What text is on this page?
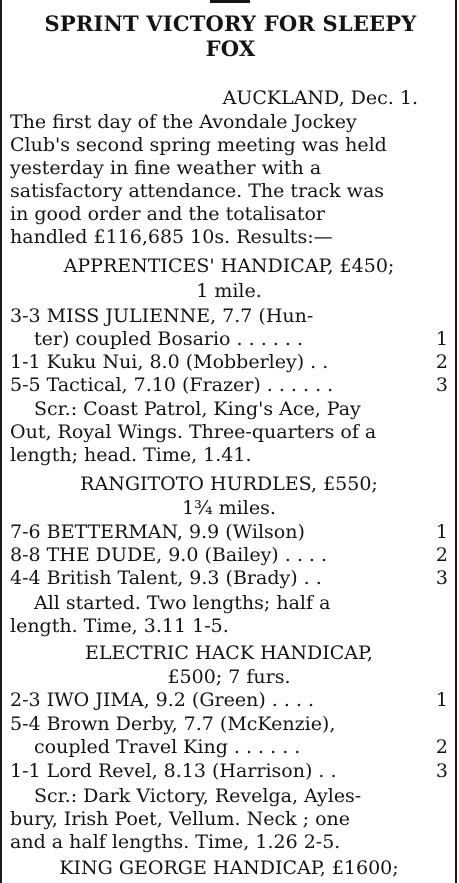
SPRINT VICTORY FOR SLEEPY
FOX
AUCKLAND, Dec. 1.
The first day of the Avondale Jockey
Club's second spring meeting was held
yesterday in fine weather with a
satisfactory attendance. The track was
in good order and the totalisator
handled £116,685 10s. Results:—
APPRENTICES' HANDICAP, £450;
1 mile.
3-3 MISS JULIENNE, 7.7 (Hun-
ter) coupled Bosario . . . . . .	1
1-1 Kuku Nui, 8.0 (Mobberley) . .	2
5-5 Tactical, 7.10 (Frazer) . . . . . .	3
Scr.: Coast Patrol, King's Ace, Pay
Out, Royal Wings. Three-quarters of a
length; head. Time, 1.41.
RANGITOTO HURDLES, £550;
1¾ miles.
7-6 BETTERMAN, 9.9 (Wilson)	1
8-8 THE DUDE, 9.0 (Bailey) . . . .	2
4-4 British Talent, 9.3 (Brady) . .	3
All started. Two lengths; half a
length. Time, 3.11 1-5.
ELECTRIC HACK HANDICAP,
£500; 7 furs.
2-3 IWO JIMA, 9.2 (Green) . . . .	1
5-4 Brown Derby, 7.7 (McKenzie),
coupled Travel King . . . . . .	2
1-1 Lord Revel, 8.13 (Harrison) . .	3
Scr.: Dark Victory, Revelga, Ayles-
bury, Irish Poet, Vellum. Neck ; one
and a half lengths. Time, 1.26 2-5.
KING GEORGE HANDICAP, £1600;
